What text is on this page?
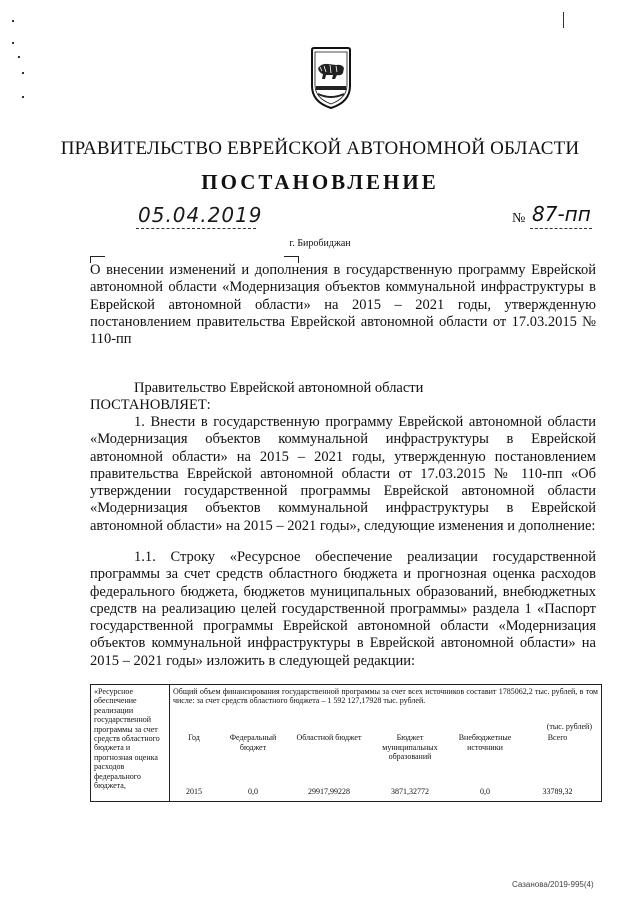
ПРАВИТЕЛЬСТВО ЕВРЕЙСКОЙ АВТОНОМНОЙ ОБЛАСТИ
ПОСТАНОВЛЕНИЕ
05.04.2019	№ 87-пп
г. Биробиджан
О внесении изменений и дополнения в государственную программу Еврейской автономной области «Модернизация объектов коммунальной инфраструктуры в Еврейской автономной области» на 2015 – 2021 годы, утвержденную постановлением правительства Еврейской автономной области от 17.03.2015 № 110-пп
Правительство Еврейской автономной области
ПОСТАНОВЛЯЕТ:
1. Внести в государственную программу Еврейской автономной области «Модернизация объектов коммунальной инфраструктуры в Еврейской автономной области» на 2015 – 2021 годы, утвержденную постановлением правительства Еврейской автономной области от 17.03.2015 № 110-пп «Об утверждении государственной программы Еврейской автономной области «Модернизация объектов коммунальной инфраструктуры в Еврейской автономной области» на 2015 – 2021 годы», следующие изменения и дополнение:
1.1. Строку «Ресурсное обеспечение реализации государственной программы за счет средств областного бюджета и прогнозная оценка расходов федерального бюджета, бюджетов муниципальных образований, внебюджетных средств на реализацию целей государственной программы» раздела 1 «Паспорт государственной программы Еврейской автономной области «Модернизация объектов коммунальной инфраструктуры в Еврейской автономной области» на 2015 – 2021 годы» изложить в следующей редакции:
«Ресурсное обеспечение реализации государственной программы за счет средств областного бюджета и прогнозная оценка расходов федерального бюджета,	
Общий объем финансирования государственной программы за счет всех источников составит 1785062,2 тыс. рублей, в том числе: за счет средств областного бюджета – 1 592 127,17928 тыс. рублей.
(тыс. рублей)
Год	Федеральный бюджет	Областной бюджет	Бюджет муниципальных образований	Внебюджетные источники	Всего

2015	0,0	29917,99228	3871,32772	0,0	33789,32
Сазанова/2019-995(4)
